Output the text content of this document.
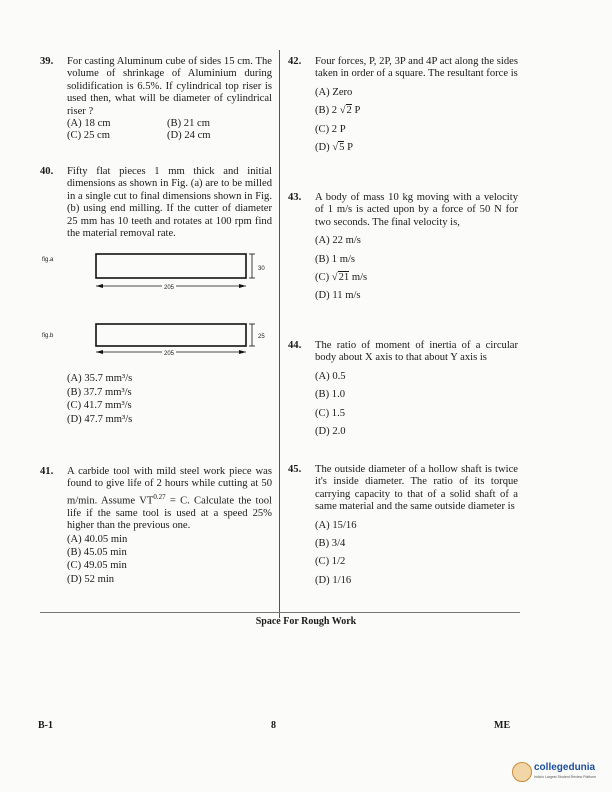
39. For casting Aluminum cube of sides 15 cm. The volume of shrinkage of Aluminium during solidification is 6.5%. If cylindrical top riser is used then, what will be diameter of cylindrical riser ?
(A) 18 cm	(B) 21 cm
(C) 25 cm	(D) 24 cm
40. Fifty flat pieces 1 mm thick and initial dimensions as shown in Fig. (a) are to be milled in a single cut to final dimensions shown in Fig. (b) using end milling. If the cutter of diameter 25 mm has 10 teeth and rotates at 100 rpm find the material removal rate.
fig.a
205
30
fig.b
205
25
(A) 35.7 mm³/s
(B) 37.7 mm³/s
(C) 41.7 mm³/s
(D) 47.7 mm³/s
41. A carbide tool with mild steel work piece was found to give life of 2 hours while cutting at 50 m/min. Assume $VT^{0.27} = C$. Calculate the tool life if the same tool is used at a speed 25% higher than the previous one.
(A) 40.05 min
(B) 45.05 min
(C) 49.05 min
(D) 52 min
42. Four forces, P, 2P, 3P and 4P act along the sides taken in order of a square. The resultant force is
(A) Zero
(B) 2 √2 P
(C) 2 P
(D) √5 P
43. A body of mass 10 kg moving with a velocity of 1 m/s is acted upon by a force of 50 N for two seconds. The final velocity is,
(A) 22 m/s
(B) 1 m/s
(C) √21 m/s
(D) 11 m/s
44. The ratio of moment of inertia of a circular body about X axis to that about Y axis is
(A) 0.5
(B) 1.0
(C) 1.5
(D) 2.0
45. The outside diameter of a hollow shaft is twice it's inside diameter. The ratio of its torque carrying capacity to that of a solid shaft of a same material and the same outside diameter is
(A) 15/16
(B) 3/4
(C) 1/2
(D) 1/16
Space For Rough Work
B-1	8	ME
collegedunia
India's Largest Student Review Platform
